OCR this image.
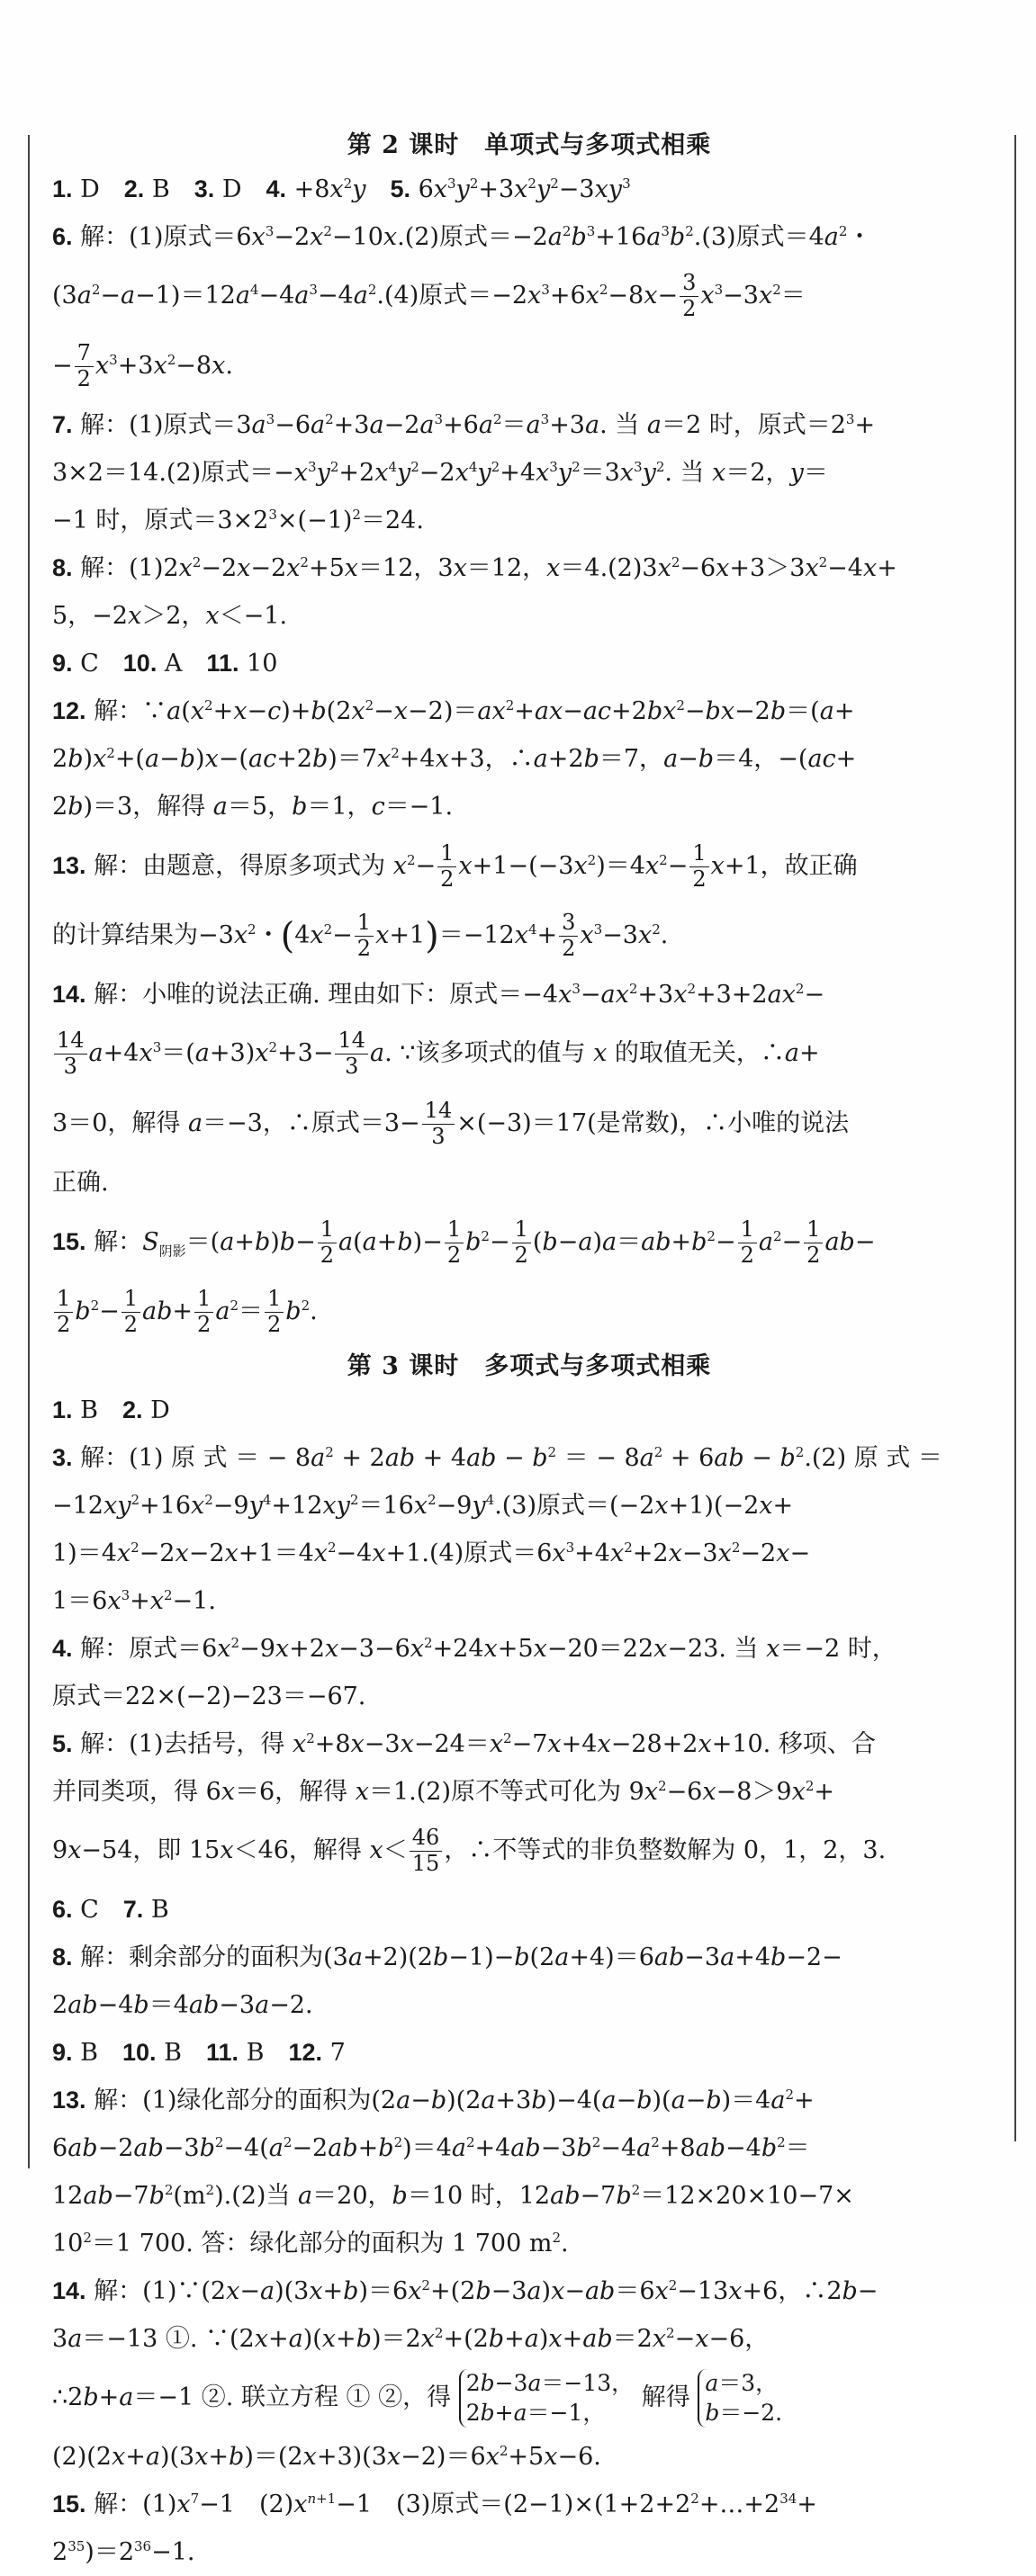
第 2 课时　单项式与多项式相乘
1. D　2. B　3. D　4. $+8x^2y$　 5. $6x^3y^2+3x^2y^2-3xy^3$
6. 解：(1)原式$=6x^3-2x^2-10x.(2)$原式$=-2a^2b^3+16a^3b^2.(3)$原式$=4a^2$・
$(3a^2-a-1)=12a^4-4a^3-4a^2.(4)$原式$=-2x^3+6x^2-8x- \frac{3}{2} x^3-3x^2=$
− $\frac{7}{2} x^3+3x^2-8x$.
7. 解：(1)原式$=3a^3-6a^2+3a-2a^3+6a^2=a^3+3a$. 当 a＝2 时，原式$=2^3+$
3×2＝14.(2)原式$=-x^3y^2+2x^4y^2-2x^4y^2+4x^3y^2=3x^3y^2$. 当 x＝2，y＝
−1 时，原式$=3\times 2^3\times(-1)^2=24$.
8. 解：$(1)2x^2-2x-2x^2+5x=12$，3x＝12，$x=4.(2)3x^2-6x+3>3x^2-4x+$
5，−2x＞2，x＜−1.
9. C　10. A　11. 10
12. 解：$\because a(x^2+x-c)+b(2x^2-x-2)=ax^2+ax-ac+2bx^2-bx-2b=(a+$
$2b)x^2+(a-b)x-(ac+2b)=7x^2+4x+3$，∴a+2b＝7，a−b＝4，−(ac+
2b)＝3，解得 a＝5，b＝1，c＝−1.
13. 解：由题意，得原多项式为 $x^2- \frac{1}{2} x+1-(-3x^2)=4x^2- \frac{1}{2} x+1$，故正确
的计算结果为$-3x^2$・$(4x^2- \frac{1}{2} x+1)=-12x^4+ \frac{3}{2} x^3-3x^2$.
14. 解：小唯的说法正确. 理由如下：原式$=-4x^3-ax^2+3x^2+3+2ax^2-$
$\frac{14}{3} a+4x^3=(a+3)x^2+3- \frac{14}{3} a$. ∵该多项式的值与 x 的取值无关，∴a+
3＝0，解得 a＝−3，∴原式$=3- \frac{14}{3} \times(-3)=17$(是常数)，∴小唯的说法
正确.
15. 解：$S_{阴影}=(a+b)b- \frac{1}{2} a(a+b)- \frac{1}{2} b^2- \frac{1}{2} (b-a)a=ab+b^2- \frac{1}{2} a^2- \frac{1}{2} ab-$
$\frac{1}{2} b^2- \frac{1}{2} ab+ \frac{1}{2} a^2= \frac{1}{2} b^2$.
第 3 课时　多项式与多项式相乘
1. B　2. D
3. 解：(1) 原 式 ＝ − $8a^2 + 2ab + 4ab - b^2$ ＝ − $8a^2 + 6ab - b^2.(2)$ 原 式 ＝
$-12xy^2+16x^2-9y^4+12xy^2=16x^2-9y^4.(3)$原式＝(−2x+1)(−2x+
$1)=4x^2-2x-2x+1=4x^2-4x+1.(4)$原式$=6x^3+4x^2+2x-3x^2-2x-$
$1=6x^3+x^2-1$.
4. 解：原式$=6x^2-9x+2x-3-6x^2+24x+5x-20=22x-23$. 当 x＝−2 时，
原式＝22×(−2)−23＝−67.
5. 解：(1)去括号，得 $x^2+8x-3x-24=x^2-7x+4x-28+2x+10$. 移项、合
并同类项，得 6x＝6，解得 x＝1.(2)原不等式可化为 $9x^2-6x-8>9x^2+$
9x−54，即 15x＜46，解得 $x< \frac{46}{15}$ ，∴不等式的非负整数解为 0，1，2，3.
6. C　7. B
8. 解：剩余部分的面积为(3a+2)(2b−1)−b(2a+4)＝6ab−3a+4b−2−
2ab−4b＝4ab−3a−2.
9. B　10. B　11. B　12. 7
13. 解：(1)绿化部分的面积为$(2a-b)(2a+3b)-4(a-b)(a-b)=4a^2+$
$6ab-2ab-3b^2-4(a^2-2ab+b^2)=4a^2+4ab-3b^2-4a^2+8ab-4b^2=$
$12ab-7b^2(m^2).(2)$当 a＝20，b＝10 时，$12ab-7b^2=12\times 20\times 10-7\times$
$10^2=1$ 700. 答：绿化部分的面积为 1 700 $m^2$.
14. 解：$(1)\because(2x-a)(3x+b)=6x^2+(2b-3a)x-ab=6x^2-13x+6$，∴2b−
3a＝−13 ①. $\because(2x+a)(x+b)=2x^2+(2b+a)x+ab=2x^2-x-6$，
∴2b+a＝−1 ②. 联立方程 ① ②，得 2b−3a＝−13，
2b+a＝−1， 解得 a＝3，
b＝−2.
$(2)(2x+a)(3x+b)=(2x+3)(3x-2)=6x^2+5x-6$.
15. 解：$(1)x^7-1$　$(2)x^{n+1}-1$　(3)原式$=(2-1)\times(1+2+2^2+\dots+2^{34}+$
$2^{35})=2^{36}-1$.
